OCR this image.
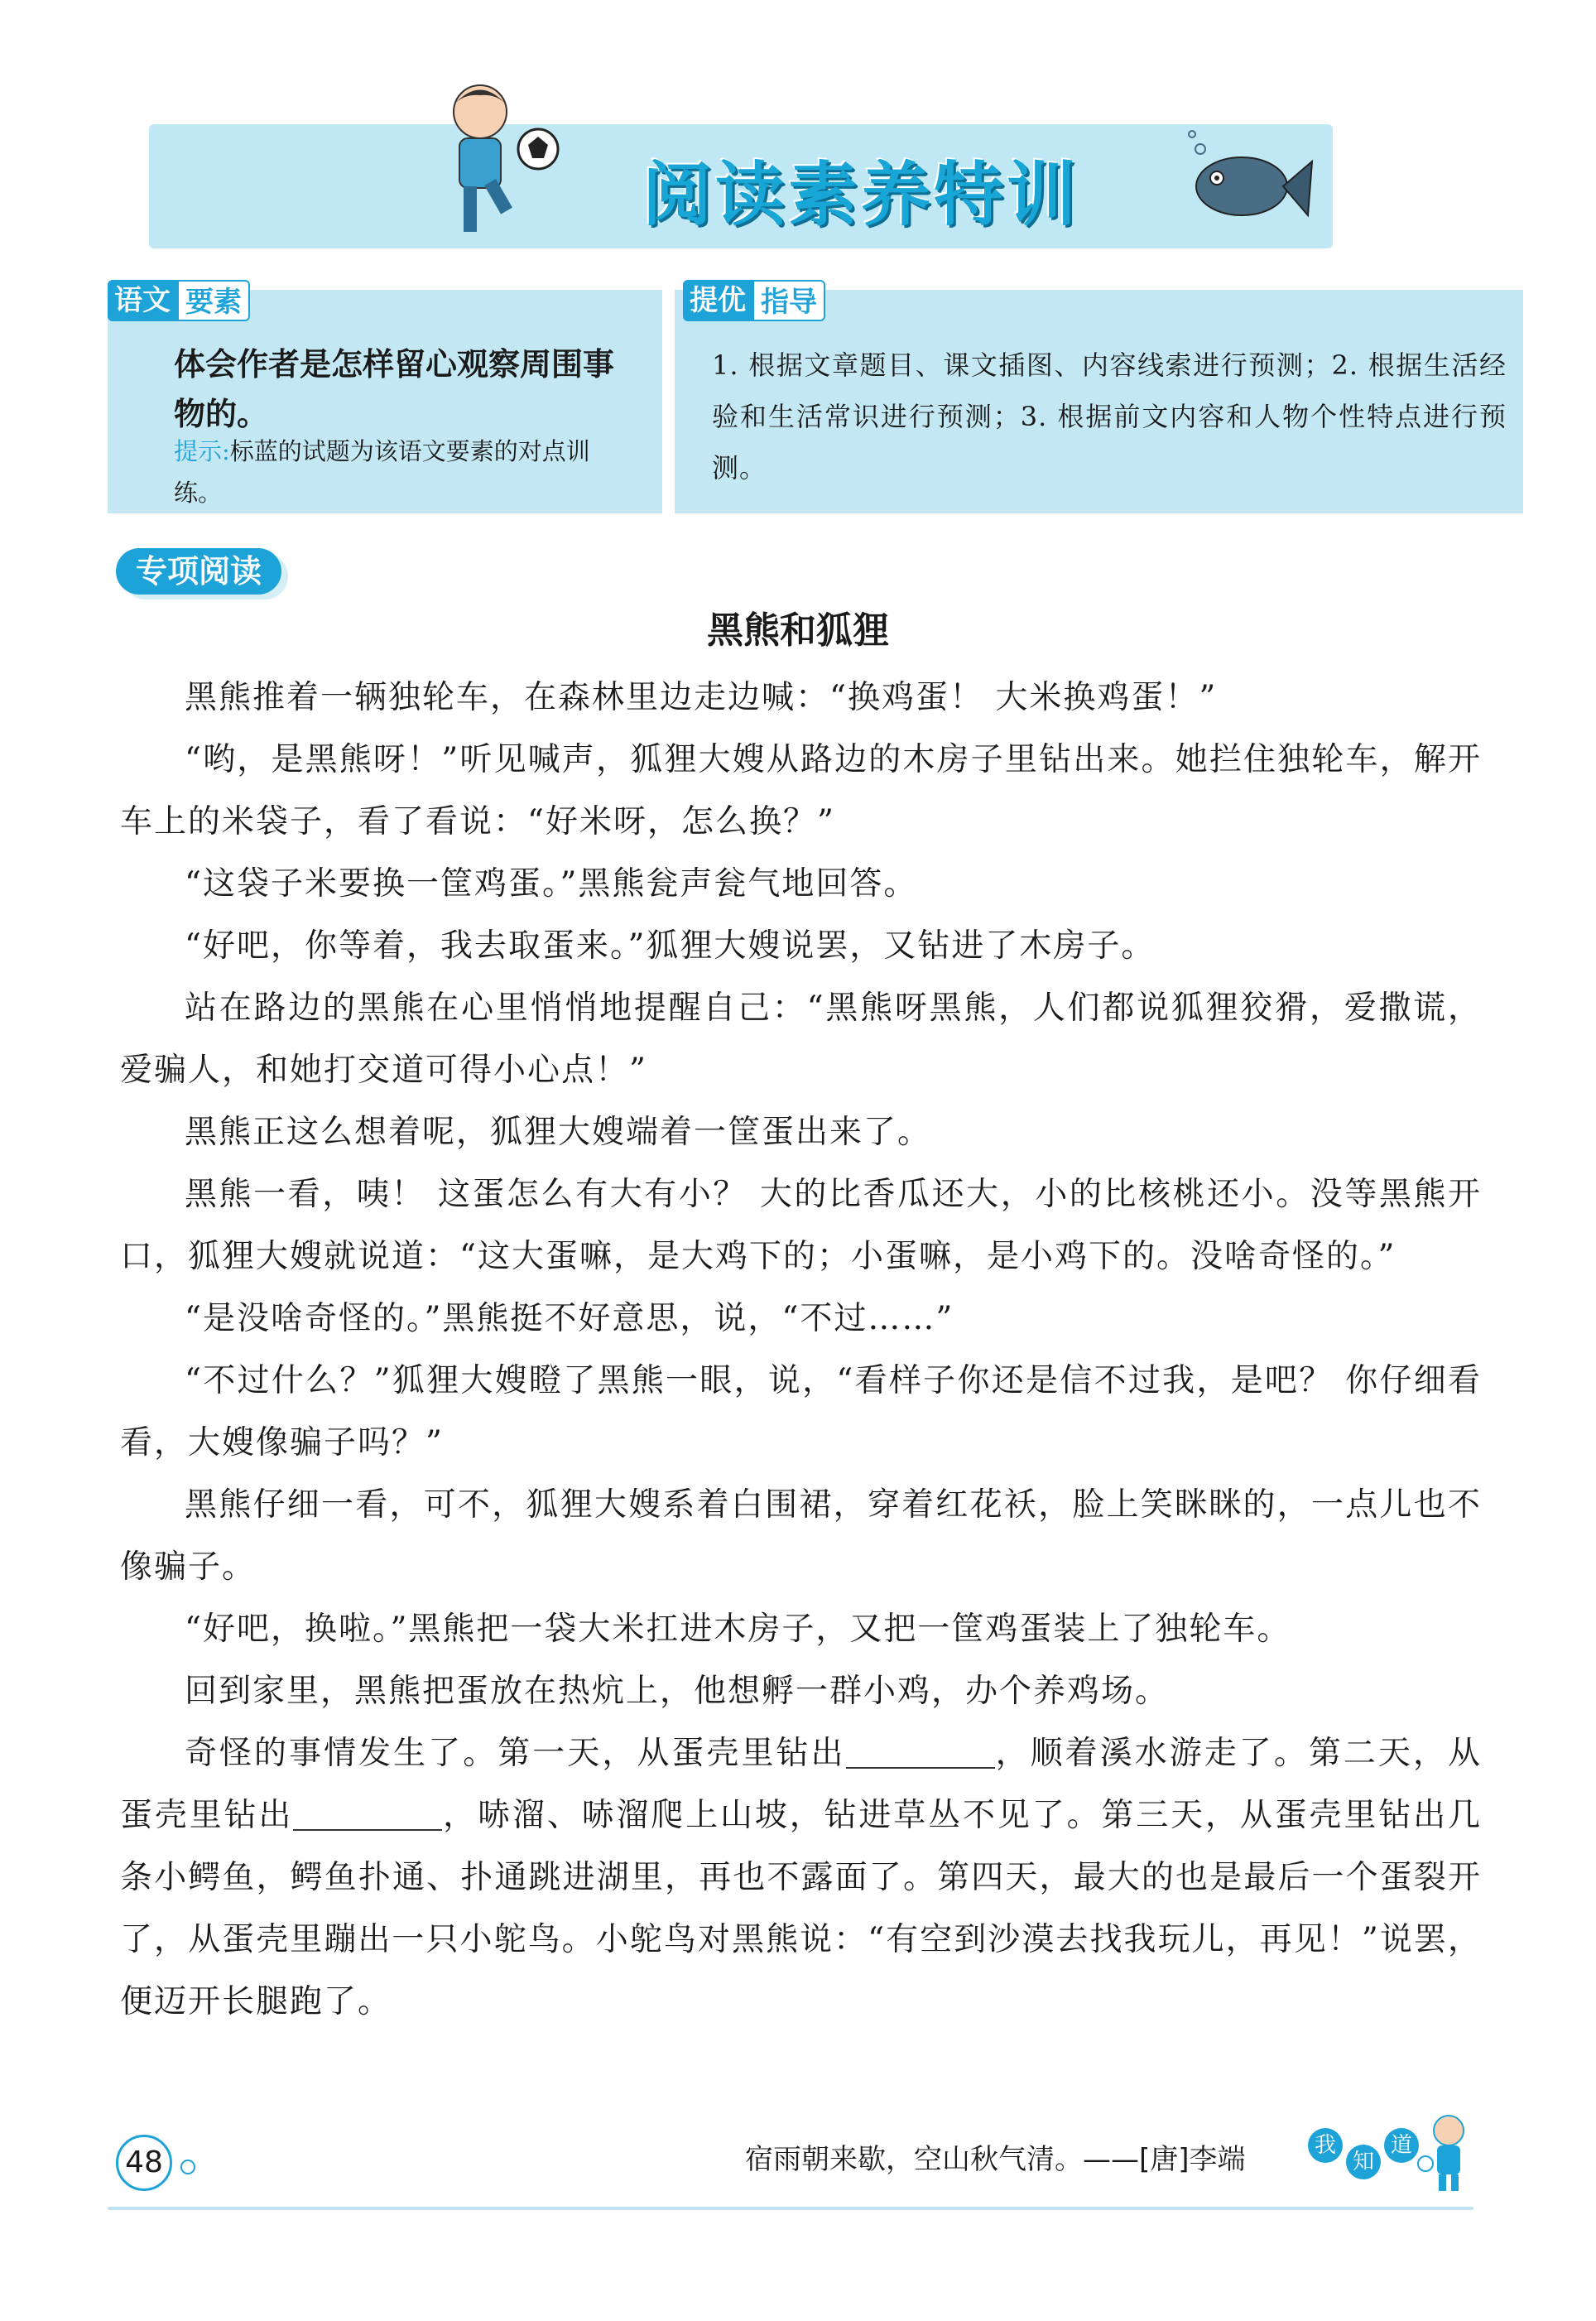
阅读素养特训
语文 要素
体会作者是怎样留心观察周围事物的。
提示:标蓝的试题为该语文要素的对点训练。
提优 指导
1. 根据文章题目、课文插图、内容线索进行预测；2. 根据生活经验和生活常识进行预测；3. 根据前文内容和人物个性特点进行预测。
专项阅读
黑熊和狐狸

黑熊推着一辆独轮车，在森林里边走边喊：“换鸡蛋！ 大米换鸡蛋！”

“哟，是黑熊呀！”听见喊声，狐狸大嫂从路边的木房子里钻出来。她拦住独轮车，解开车上的米袋子，看了看说：“好米呀，怎么换？”

“这袋子米要换一筐鸡蛋。”黑熊瓮声瓮气地回答。

“好吧，你等着，我去取蛋来。”狐狸大嫂说罢，又钻进了木房子。

站在路边的黑熊在心里悄悄地提醒自己：“黑熊呀黑熊，人们都说狐狸狡猾，爱撒谎，爱骗人，和她打交道可得小心点！”

黑熊正这么想着呢，狐狸大嫂端着一筐蛋出来了。

黑熊一看，咦！ 这蛋怎么有大有小？ 大的比香瓜还大，小的比核桃还小。没等黑熊开口，狐狸大嫂就说道：“这大蛋嘛，是大鸡下的；小蛋嘛，是小鸡下的。没啥奇怪的。”

“是没啥奇怪的。”黑熊挺不好意思，说，“不过……”

“不过什么？”狐狸大嫂瞪了黑熊一眼，说，“看样子你还是信不过我，是吧？ 你仔细看看，大嫂像骗子吗？”

黑熊仔细一看，可不，狐狸大嫂系着白围裙，穿着红花袄，脸上笑眯眯的，一点儿也不像骗子。

“好吧，换啦。”黑熊把一袋大米扛进木房子，又把一筐鸡蛋装上了独轮车。

回到家里，黑熊把蛋放在热炕上，他想孵一群小鸡，办个养鸡场。

奇怪的事情发生了。第一天，从蛋壳里钻出	，顺着溪水游走了。第二天，从蛋壳里钻出	，哧溜、哧溜爬上山坡，钻进草丛不见了。第三天，从蛋壳里钻出几条小鳄鱼，鳄鱼扑通、扑通跳进湖里，再也不露面了。第四天，最大的也是最后一个蛋裂开了，从蛋壳里蹦出一只小鸵鸟。小鸵鸟对黑熊说：“有空到沙漠去找我玩儿，再见！”说罢，便迈开长腿跑了。

48	宿雨朝来歇，空山秋气清。——[唐]李端	我
知
道
